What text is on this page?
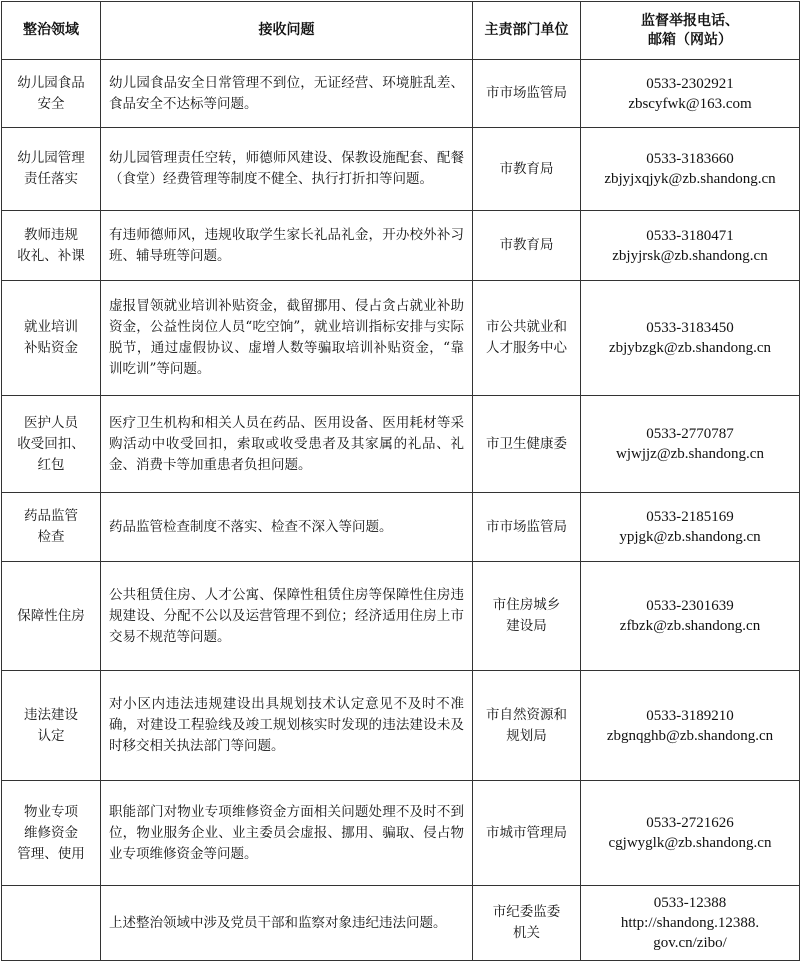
整治领域	接收问题	主责部门单位	监督举报电话、
邮箱（网站）

幼儿园食品
安全	幼儿园食品安全日常管理不到位，无证经营、环境脏乱差、食品安全不达标等问题。	市市场监管局	0533-2302921
zbscyfwk@163.com

幼儿园管理
责任落实	幼儿园管理责任空转，师德师风建设、保教设施配套、配餐（食堂）经费管理等制度不健全、执行打折扣等问题。	市教育局	0533-3183660
zbjyjxqjyk@zb.shandong.cn

教师违规
收礼、补课	有违师德师风，违规收取学生家长礼品礼金，开办校外补习班、辅导班等问题。	市教育局	0533-3180471
zbjyjrsk@zb.shandong.cn

就业培训
补贴资金	虚报冒领就业培训补贴资金，截留挪用、侵占贪占就业补助资金，公益性岗位人员“吃空饷”，就业培训指标安排与实际脱节，通过虚假协议、虚增人数等骗取培训补贴资金，“靠训吃训”等问题。	市公共就业和
人才服务中心	0533-3183450
zbjybzgk@zb.shandong.cn

医护人员
收受回扣、
红包	医疗卫生机构和相关人员在药品、医用设备、医用耗材等采购活动中收受回扣，索取或收受患者及其家属的礼品、礼金、消费卡等加重患者负担问题。	市卫生健康委	0533-2770787
wjwjjz@zb.shandong.cn

药品监管
检查	药品监管检查制度不落实、检查不深入等问题。	市市场监管局	0533-2185169
ypjgk@zb.shandong.cn

保障性住房	公共租赁住房、人才公寓、保障性租赁住房等保障性住房违规建设、分配不公以及运营管理不到位；经济适用住房上市交易不规范等问题。	市住房城乡
建设局	0533-2301639
zfbzk@zb.shandong.cn

违法建设
认定	对小区内违法违规建设出具规划技术认定意见不及时不准确，对建设工程验线及竣工规划核实时发现的违法建设未及时移交相关执法部门等问题。	市自然资源和
规划局	0533-3189210
zbgnqghb@zb.shandong.cn

物业专项
维修资金
管理、使用	职能部门对物业专项维修资金方面相关问题处理不及时不到位，物业服务企业、业主委员会虚报、挪用、骗取、侵占物业专项维修资金等问题。	市城市管理局	0533-2721626
cgjwyglk@zb.shandong.cn

	上述整治领域中涉及党员干部和监察对象违纪违法问题。	市纪委监委
机关	0533-12388
http://shandong.12388.
gov.cn/zibo/
